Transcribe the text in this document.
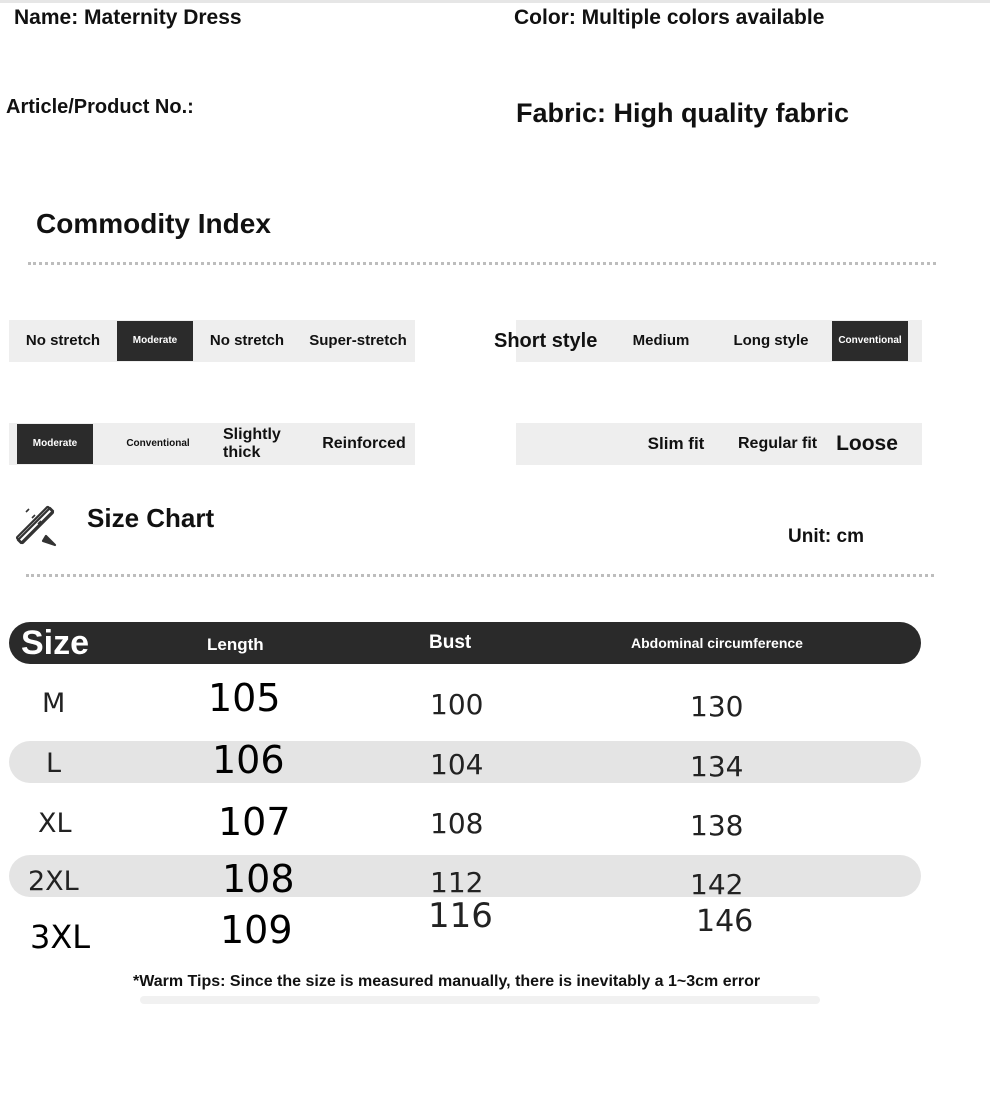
Name: Maternity Dress	Color: Multiple colors available
Article/Product No.:	Fabric: High quality fabric
Commodity Index
No stretch	Moderate	No stretch	Super-stretch	Medium	Long style	Conventional
Short style
Moderate	Conventional
Slightly thick
Reinforced	Slim fit	Regular fit Loose
Size Chart
Unit: cm
Size	Length	Bust	Abdominal circumference
M	105	100	130
L	106	104	134
XL	107	108	138
2XL	108	112	142
3XL	109	116	146
*Warm Tips: Since the size is measured manually, there is inevitably a 1~3cm error
